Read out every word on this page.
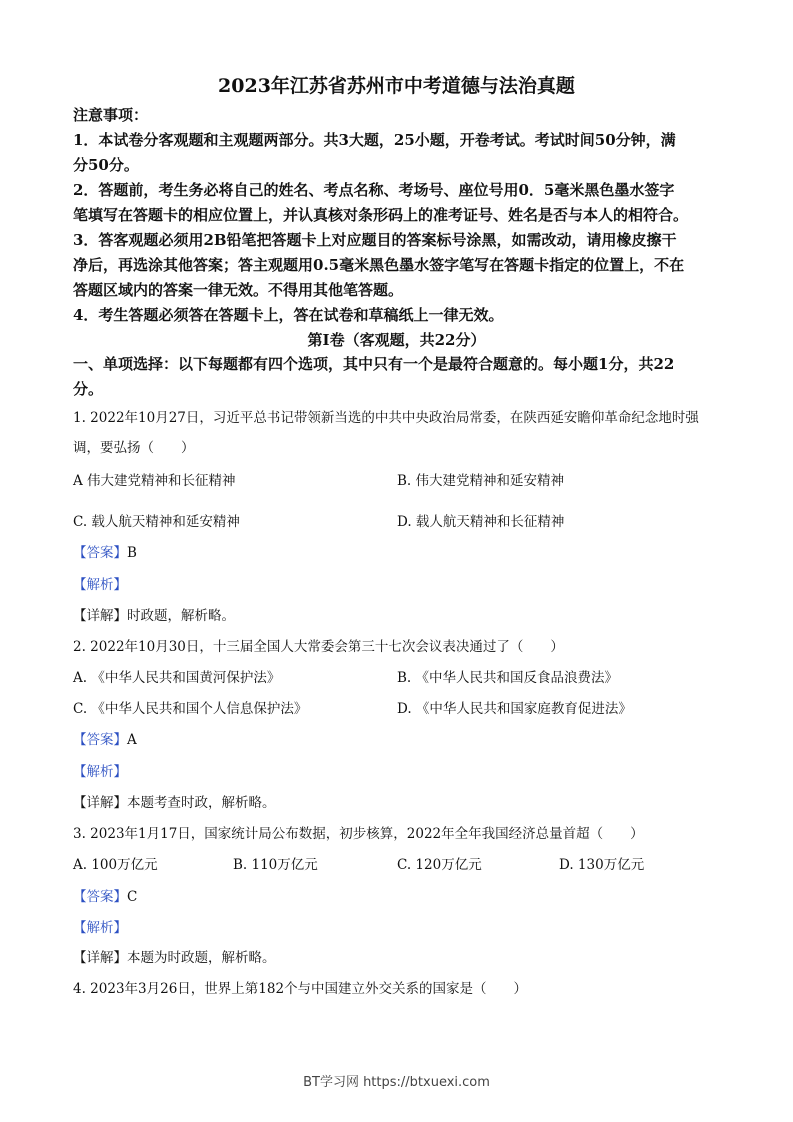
2023年江苏省苏州市中考道德与法治真题
注意事项：
1．本试卷分客观题和主观题两部分。共3大题，25小题，开卷考试。考试时间50分钟，满
分50分。
2．答题前，考生务必将自己的姓名、考点名称、考场号、座位号用0．5毫米黑色墨水签字
笔填写在答题卡的相应位置上，并认真核对条形码上的准考证号、姓名是否与本人的相符合。
3．答客观题必须用2B铅笔把答题卡上对应题目的答案标号涂黑，如需改动，请用橡皮擦干
净后，再选涂其他答案；答主观题用0.5毫米黑色墨水签字笔写在答题卡指定的位置上，不在
答题区域内的答案一律无效。不得用其他笔答题。
4．考生答题必须答在答题卡上，答在试卷和草稿纸上一律无效。
第I卷（客观题，共22分）
一、单项选择：以下每题都有四个选项，其中只有一个是最符合题意的。每小题1分，共22
分。
1. 2022年10月27日，习近平总书记带领新当选的中共中央政治局常委，在陕西延安瞻仰革命纪念地时强
调，要弘扬（　　）
A 伟大建党精神和长征精神	B. 伟大建党精神和延安精神
C. 载人航天精神和延安精神	D. 载人航天精神和长征精神
【答案】B
【解析】
【详解】时政题，解析略。
2. 2022年10月30日，十三届全国人大常委会第三十七次会议表决通过了（　　）
A. 《中华人民共和国黄河保护法》	B. 《中华人民共和国反食品浪费法》
C. 《中华人民共和国个人信息保护法》	D. 《中华人民共和国家庭教育促进法》
【答案】A
【解析】
【详解】本题考查时政，解析略。
3. 2023年1月17日，国家统计局公布数据，初步核算，2022年全年我国经济总量首超（　　）
A. 100万亿元	B. 110万亿元	C. 120万亿元	D. 130万亿元
【答案】C
【解析】
【详解】本题为时政题，解析略。
4. 2023年3月26日，世界上第182个与中国建立外交关系的国家是（　　）
BT学习网 https://btxuexi.com
